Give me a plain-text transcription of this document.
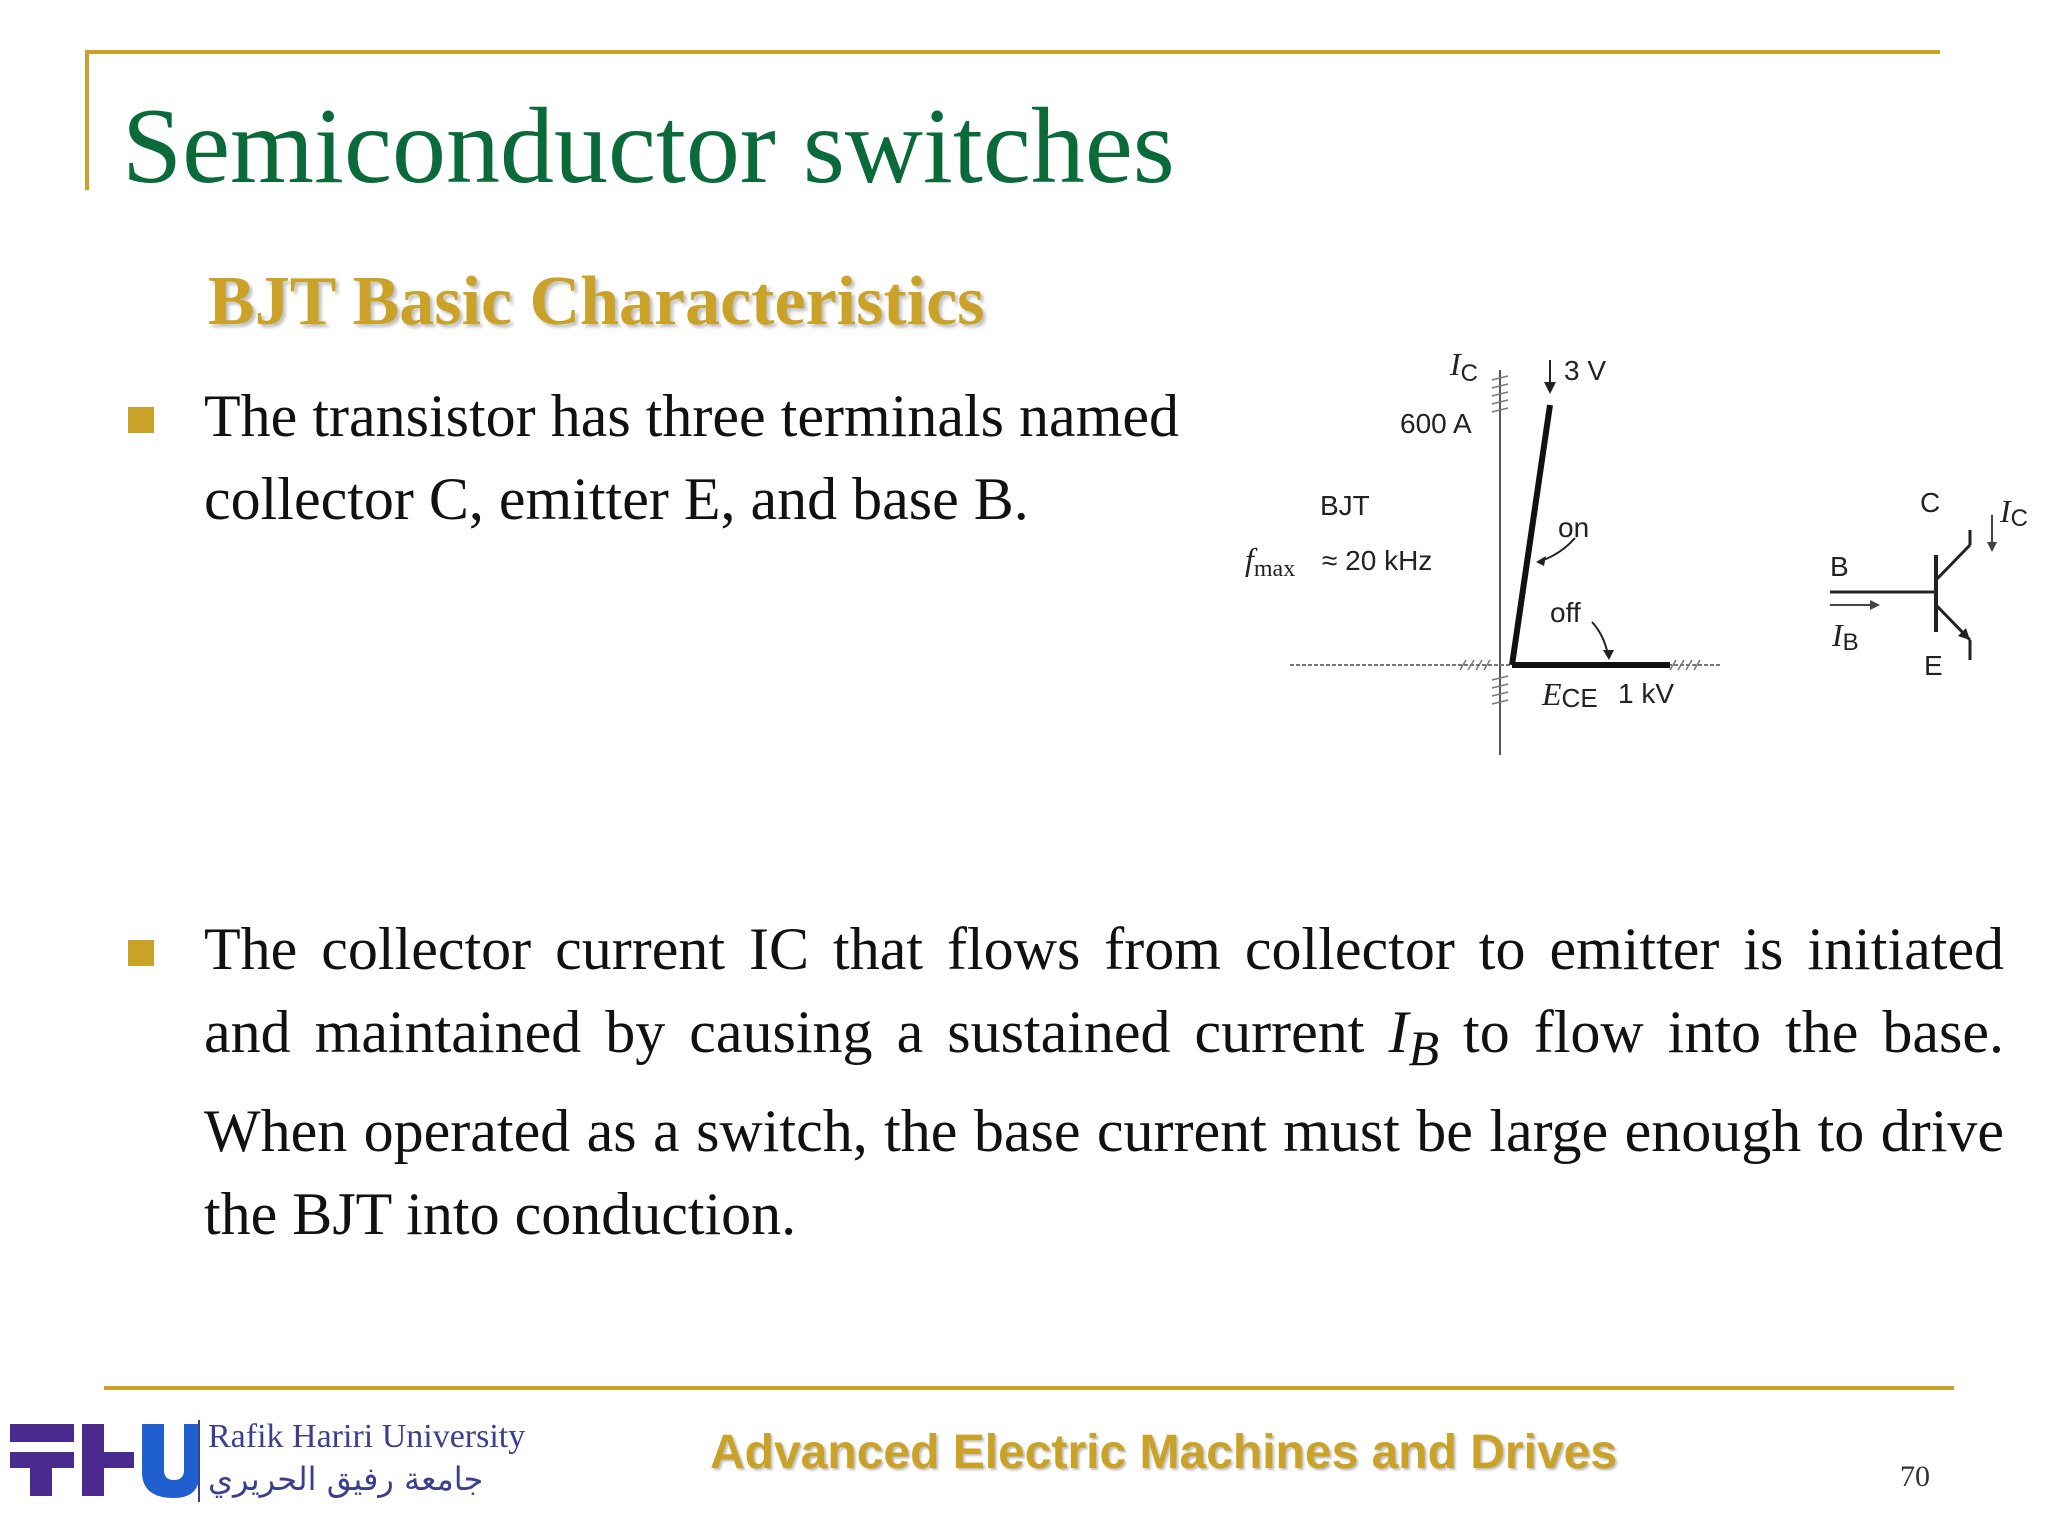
Semiconductor switches
BJT Basic Characteristics
The transistor has three terminals named collector C, emitter E, and base B.
The collector current IC that flows from collector to emitter is initiated and maintained by causing a sustained current $I_B$ to flow into the base. When operated as a switch, the base current must be large enough to drive the BJT into conduction.
IC	3 V
600 A
BJT
fmax ≈ 20 kHz
on
off
ECE 1 kV
C
B
E
IB
IC
Rafik Hariri University
جامعة رفيق الحريري	Advanced Electric Machines and Drives	70
